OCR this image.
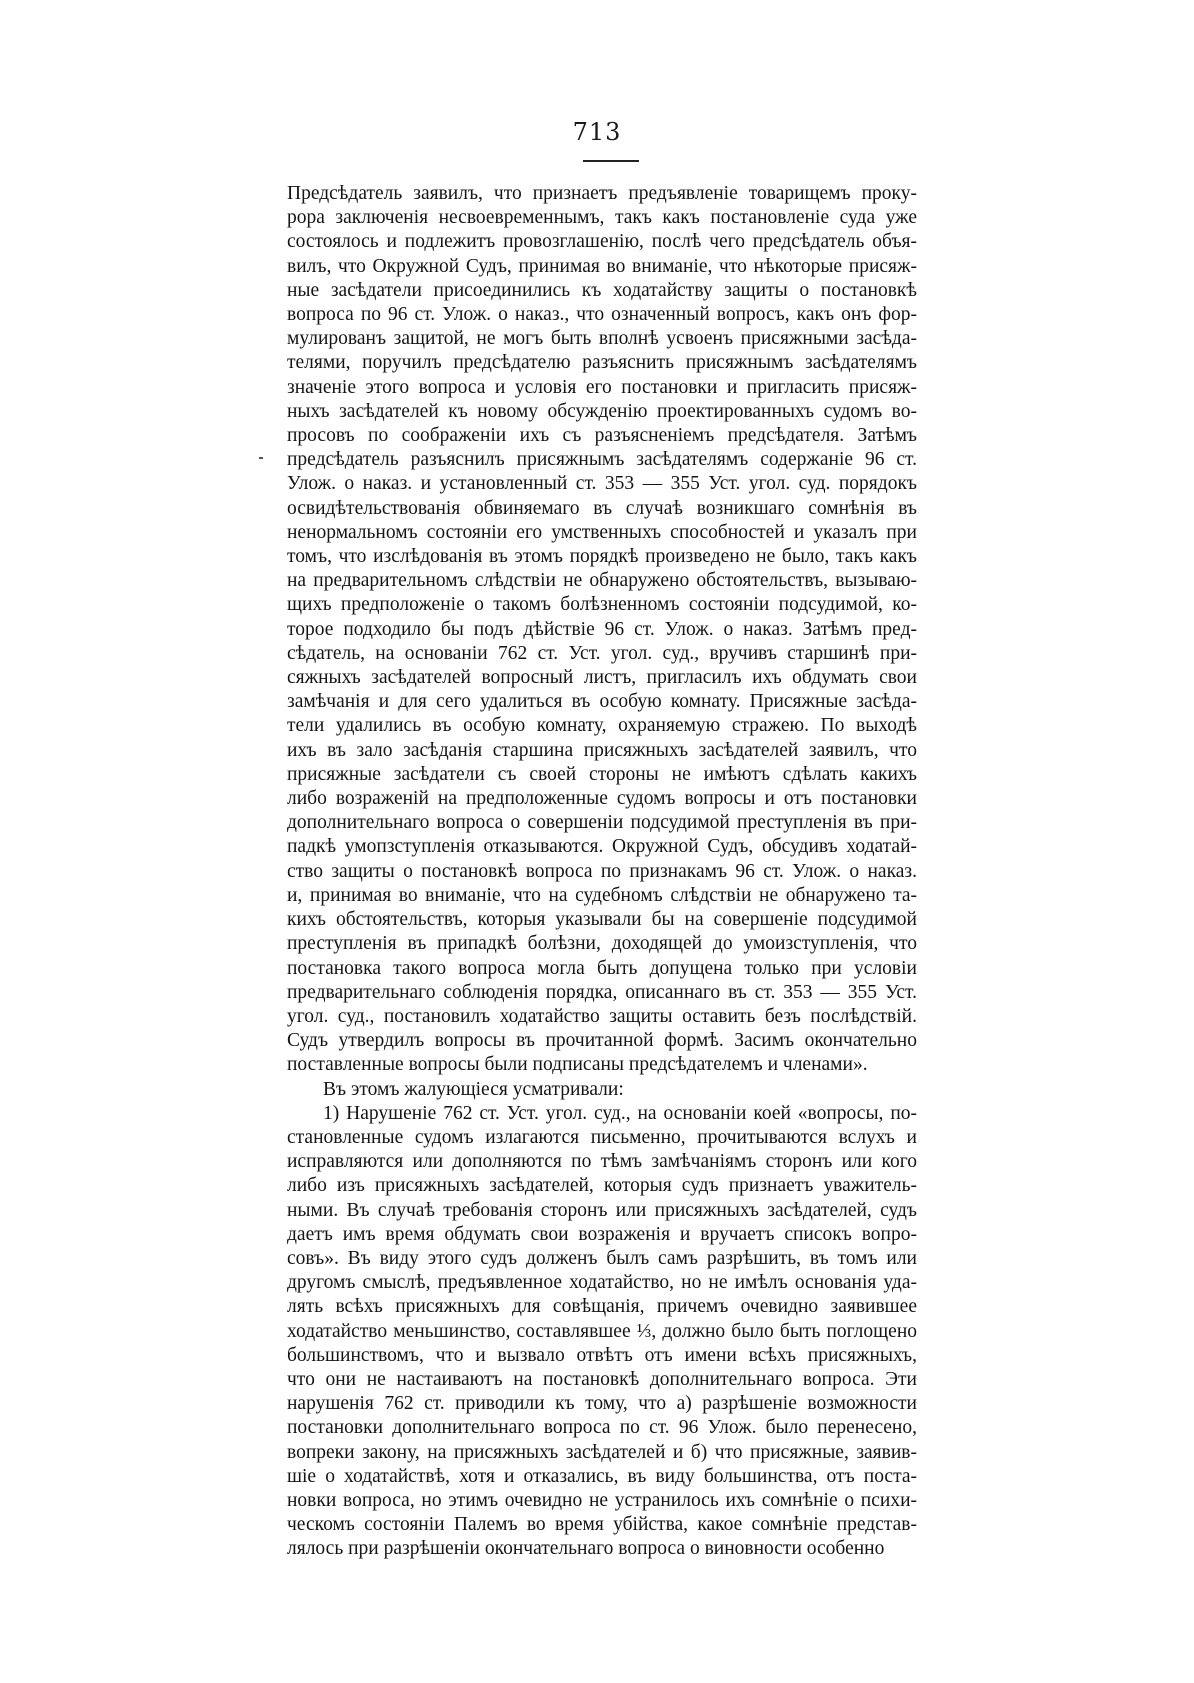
713
Предсѣдатель заявилъ, что признаетъ предъявленіе товарищемъ проку-
рора заключенія несвоевременнымъ, такъ какъ постановленіе суда уже
состоялось и подлежитъ провозглашенію, послѣ чего предсѣдатель объя-
вилъ, что Окружной Судъ, принимая во вниманіе, что нѣкоторые присяж-
ные засѣдатели присоединились къ ходатайству защиты о постановкѣ
вопроса по 96 ст. Улож. о наказ., что означенный вопросъ, какъ онъ фор-
мулированъ защитой, не могъ быть вполнѣ усвоенъ присяжными засѣда-
телями, поручилъ предсѣдателю разъяснить присяжнымъ засѣдателямъ
значеніе этого вопроса и условія его постановки и пригласить присяж-
ныхъ засѣдателей къ новому обсужденію проектированныхъ судомъ во-
просовъ по соображеніи ихъ съ разъясненіемъ предсѣдателя. Затѣмъ
предсѣдатель разъяснилъ присяжнымъ засѣдателямъ содержаніе 96 ст.
Улож. о наказ. и установленный ст. 353 — 355 Уст. угол. суд. порядокъ
освидѣтельствованія обвиняемаго въ случаѣ возникшаго сомнѣнія въ
ненормальномъ состояніи его умственныхъ способностей и указалъ при
томъ, что изслѣдованія въ этомъ порядкѣ произведено не было, такъ какъ
на предварительномъ слѣдствіи не обнаружено обстоятельствъ, вызываю-
щихъ предположеніе о такомъ болѣзненномъ состояніи подсудимой, ко-
торое подходило бы подъ дѣйствіе 96 ст. Улож. о наказ. Затѣмъ пред-
сѣдатель, на основаніи 762 ст. Уст. угол. суд., вручивъ старшинѣ при-
сяжныхъ засѣдателей вопросный листъ, пригласилъ ихъ обдумать свои
замѣчанія и для сего удалиться въ особую комнату. Присяжные засѣда-
тели удалились въ особую комнату, охраняемую стражею. По выходѣ
ихъ въ зало засѣданія старшина присяжныхъ засѣдателей заявилъ, что
присяжные засѣдатели съ своей стороны не имѣютъ сдѣлать какихъ
либо возраженій на предположенные судомъ вопросы и отъ постановки
дополнительнаго вопроса о совершеніи подсудимой преступленія въ при-
падкѣ умопзступленія отказываются. Окружной Судъ, обсудивъ ходатай-
ство защиты о постановкѣ вопроса по признакамъ 96 ст. Улож. о наказ.
и, принимая во вниманіе, что на судебномъ слѣдствіи не обнаружено та-
кихъ обстоятельствъ, которыя указывали бы на совершеніе подсудимой
преступленія въ припадкѣ болѣзни, доходящей до умоизступленія, что
постановка такого вопроса могла быть допущена только при условіи
предварительнаго соблюденія порядка, описаннаго въ ст. 353 — 355 Уст.
угол. суд., постановилъ ходатайство защиты оставить безъ послѣдствій.
Судъ утвердилъ вопросы въ прочитанной формѣ. Засимъ окончательно
поставленные вопросы были подписаны предсѣдателемъ и членами».
Въ этомъ жалующіеся усматривали:
1) Нарушеніе 762 ст. Уст. угол. суд., на основаніи коей «вопросы, по-
становленные судомъ излагаются письменно, прочитываются вслухъ и
исправляются или дополняются по тѣмъ замѣчаніямъ сторонъ или кого
либо изъ присяжныхъ засѣдателей, которыя судъ признаетъ уважитель-
ными. Въ случаѣ требованія сторонъ или присяжныхъ засѣдателей, судъ
даетъ имъ время обдумать свои возраженія и вручаетъ списокъ вопро-
совъ». Въ виду этого судъ долженъ былъ самъ разрѣшить, въ томъ или
другомъ смыслѣ, предъявленное ходатайство, но не имѣлъ основанія уда-
лять всѣхъ присяжныхъ для совѣщанія, причемъ очевидно заявившее
ходатайство меньшинство, составлявшее ⅓, должно было быть поглощено
большинствомъ, что и вызвало отвѣтъ отъ имени всѣхъ присяжныхъ,
что они не настаиваютъ на постановкѣ дополнительнаго вопроса. Эти
нарушенія 762 ст. приводили къ тому, что а) разрѣшеніе возможности
постановки дополнительнаго вопроса по ст. 96 Улож. было перенесено,
вопреки закону, на присяжныхъ засѣдателей и б) что присяжные, заявив-
шіе о ходатайствѣ, хотя и отказались, въ виду большинства, отъ поста-
новки вопроса, но этимъ очевидно не устранилось ихъ сомнѣніе о психи-
ческомъ состояніи Палемъ во время убійства, какое сомнѣніе представ-
лялось при разрѣшеніи окончательнаго вопроса о виновности особенно
